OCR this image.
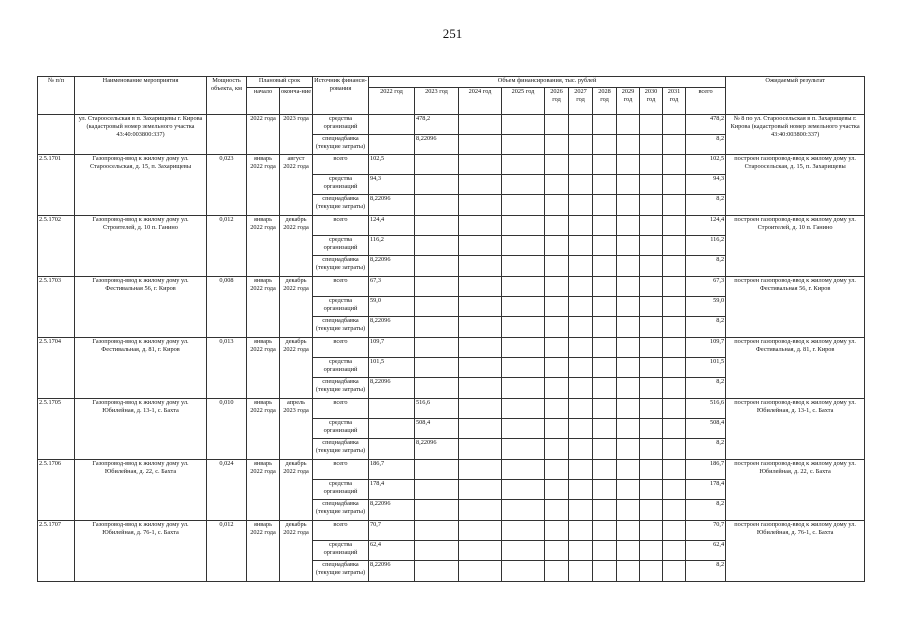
251
№ п/п	Наименование мероприятия	Мощность объекта, км	Плановый срок		Источник финанси-рования	Объем финансирования, тыс. рублей											Ожидаемый результат
			начало	оконча-ние		2022 год	2023 год	2024 год	2025 год	2026 год	2027 год	2028 год	2029 год	2030 год	2031 год	всего	
	ул. Староосельская в п. Захарищевы г. Кирова (кадастровый номер земельного участка 43:40:003800:337)		2022 года	2023 года	средства организаций		478,2									478,2	№ 8 по ул. Староосельская в п. Захарищевы г. Кирова (кадастровый номер земельного участка 43:40:003800:337)
					спецнадбавка (текущие затраты)		8,22096									8,2	
2.5.1701	Газопровод-ввод к жилому дому ул. Староосельская, д. 15, п. Захарищевы	0,023	январь 2022 года	август 2022 года	всего	102,5										102,5	построен газопровод-ввод к жилому дому ул. Староосельская, д. 15, п. Захарищевы
					средства организаций	94,3										94,3	
					спецнадбавка (текущие затраты)	8,22096										8,2	
2.5.1702	Газопровод-ввод к жилому дому ул. Строителей, д. 10 п. Ганино	0,012	январь 2022 года	декабрь 2022 года	всего	124,4										124,4	построен газопровод-ввод к жилому дому ул. Строителей, д. 10 п. Ганино
					средства организаций	116,2										116,2	
					спецнадбавка (текущие затраты)	8,22096										8,2	
2.5.1703	Газопровод-ввод к жилому дому ул. Фестивальная 56, г. Киров	0,008	январь 2022 года	декабрь 2022 года	всего	67,3										67,3	построен газопровод-ввод к жилому дому ул. Фестивальная 56, г. Киров
					средства организаций	59,0										59,0	
					спецнадбавка (текущие затраты)	8,22096										8,2	
2.5.1704	Газопровод-ввод к жилому дому ул. Фестивальная, д. 81, г. Киров	0,013	январь 2022 года	декабрь 2022 года	всего	109,7										109,7	построен газопровод-ввод к жилому дому ул. Фестивальная, д. 81, г. Киров
					средства организаций	101,5										101,5	
					спецнадбавка (текущие затраты)	8,22096										8,2	
2.5.1705	Газопровод-ввод к жилому дому ул. Юбилейная, д. 13-1, с. Бахта	0,010	январь 2022 года	апрель 2023 года	всего		516,6									516,6	построен газопровод-ввод к жилому дому ул. Юбилейная, д. 13-1, с. Бахта
					средства организаций		508,4									508,4	
					спецнадбавка (текущие затраты)		8,22096									8,2	
2.5.1706	Газопровод-ввод к жилому дому ул. Юбилейная, д. 22, с. Бахта	0,024	январь 2022 года	декабрь 2022 года	всего	186,7										186,7	построен газопровод-ввод к жилому дому ул. Юбилейная, д. 22, с. Бахта
					средства организаций	178,4										178,4	
					спецнадбавка (текущие затраты)	8,22096										8,2	
2.5.1707	Газопровод-ввод к жилому дому ул. Юбилейная, д. 76-1, с. Бахта	0,012	январь 2022 года	декабрь 2022 года	всего	70,7										70,7	построен газопровод-ввод к жилому дому ул. Юбилейная, д. 76-1, с. Бахта
					средства организаций	62,4										62,4	
					спецнадбавка (текущие затраты)	8,22096										8,2	
